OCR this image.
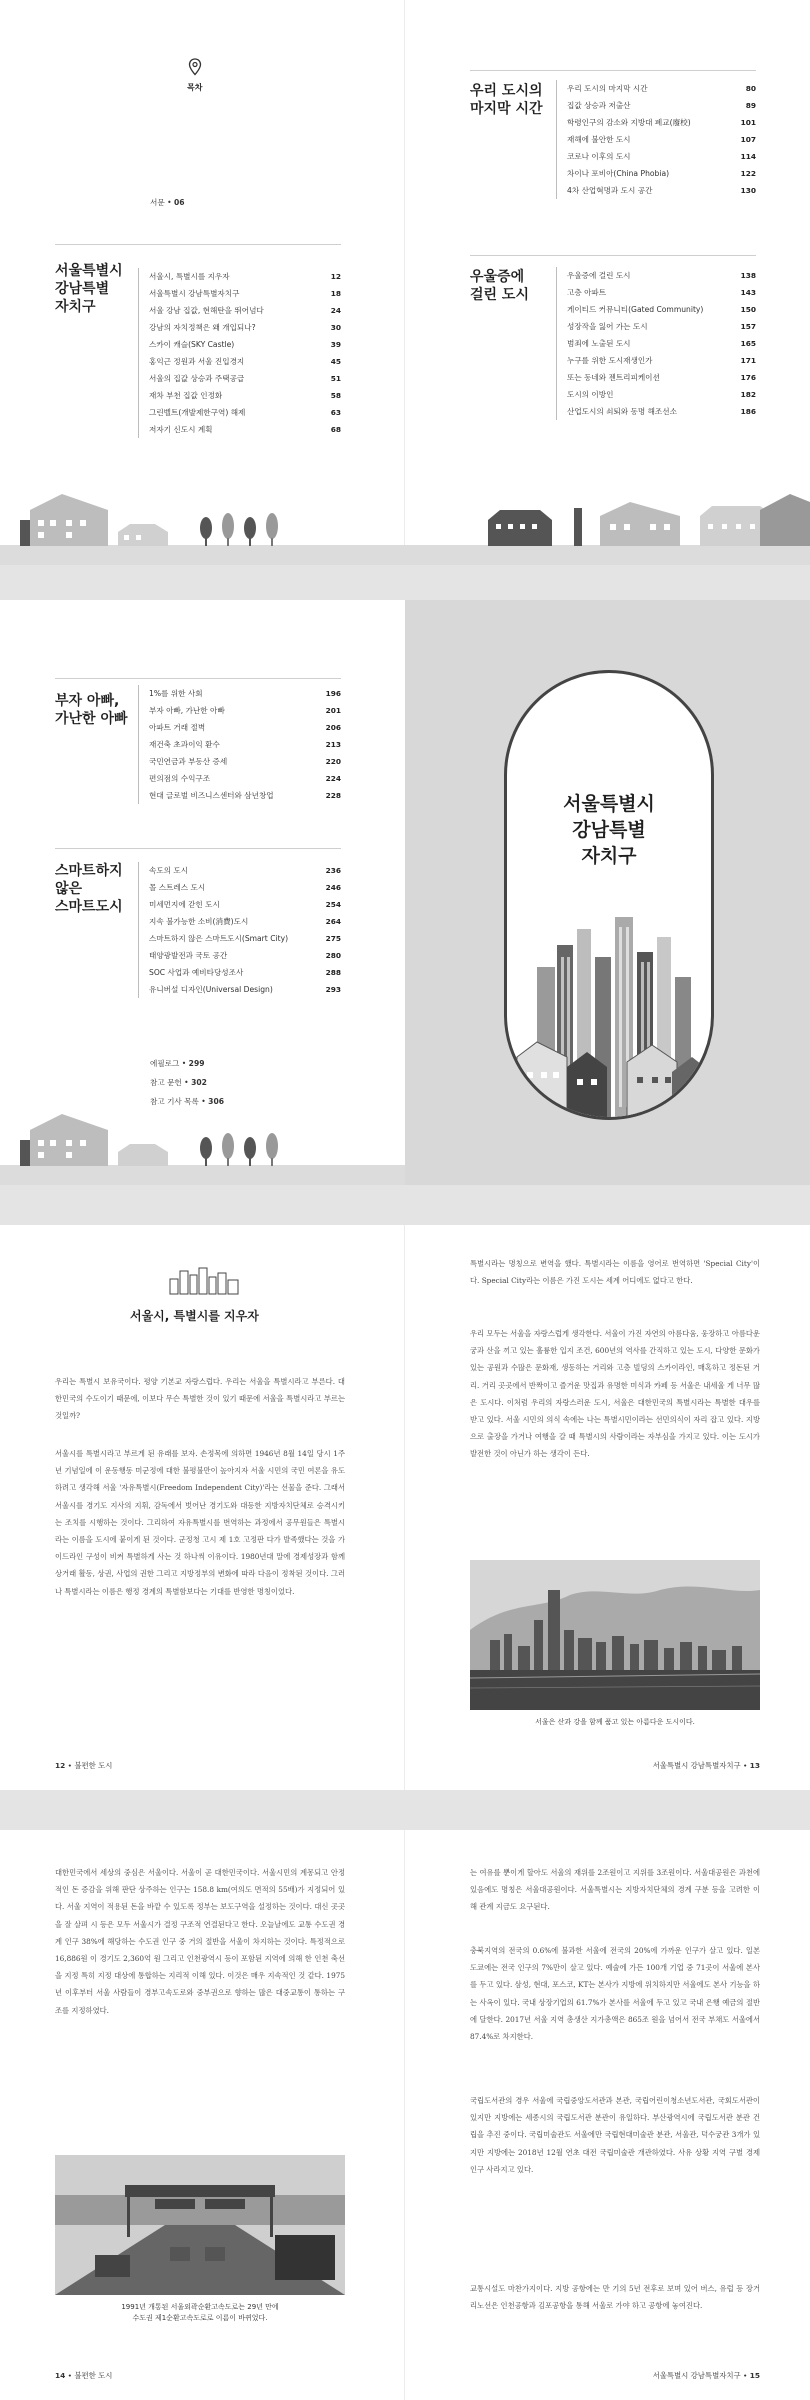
목차
서문 • 06
서울특별시
강남특별
자치구
서울시, 특별시를 지우자	12
서울특별시 강남특별자치구	18
서울 강남 집값, 현해탄을 뛰어넘다	24
강남의 자치정책은 왜 개입되나?	30
스카이 캐슬(SKY Castle)	39
홍익근 정원과 서울 진입경지	45
서울의 집값 상승과 주택공급	51
재차 부천 집값 인정화	58
그린벨트(개발제한구역) 해제	63
저자기 신도시 계획	68
우리 도시의
마지막 시간
우리 도시의 마지막 시간	80
집값 상승과 저출산	89
학령인구의 감소와 지방대 폐교(廢校)	101
재해에 불안한 도시	107
코로나 이후의 도시	114
차이나 포비아(China Phobia)	122
4차 산업혁명과 도시 공간	130
우울증에
걸린 도시
우울증에 걸린 도시	138
고층 아파트	143
게이티드 커뮤니티(Gated Community)	150
성장작을 잃어 가는 도시	157
범죄에 노출된 도시	165
누구를 위한 도시재생인가	171
또는 동네와 젠트리피케이션	176
도시의 이방인	182
산업도시의 쇠퇴와 동명 해조선소	186
부자 아빠,
가난한 아빠
1%를 위한 사회	196
부자 아빠, 가난한 아빠	201
아파트 거래 절벽	206
재건축 초과이익 환수	213
국민연금과 부동산 증세	220
편의점의 수익구조	224
현대 글로벌 비즈니스센터와 삼년창업	228
스마트하지
않은
스마트도시
속도의 도시	236
몰 스트레스 도시	246
미세먼지에 갇힌 도시	254
지속 불가능한 소비(消費)도시	264
스마트하지 않은 스마트도시(Smart City)	275
태양광발전과 국토 공간	280
SOC 사업과 예비타당성조사	288
유니버설 디자인(Universal Design)	293
에필로그 • 299
참고 문헌 • 302
참고 기사 목록 • 306
서울특별시
강남특별
자치구
서울시, 특별시를 지우자
우리는 특별시 보유국이다. 평양 기본교 자랑스럽다. 우리는 서울을 특별시라고 부른다. 대한민국의 수도이기 때문에, 이보다 무슨 특별한 것이 있기 때문에 서울을 특별시라고 부르는 것일까?
서울시를 특별시라고 부르게 된 유래를 보자. 손정목에 의하면 1946년 8월 14일 당시 1주년 기념일에 이 운동행동 미군정에 대한 불평불만이 높아지자 서울 시민의 국민 여론을 유도하려고 생각해 서울 '자유특별시(Freedom Independent City)'라는 선물을 준다. 그래서 서울시를 경기도 지사의 지휘, 감독에서 벗어난 경기도와 대등한 지방자치단체로 승격시키는 조치를 시행하는 것이다. 그리하여 자유특별시를 번역하는 과정에서 공무원들은 특별시라는 이름을 도시에 붙이게 된 것이다. 군정청 고시 제 1호 고정판 다가 발족했다는 것을 가이드라인 구성이 비켜 특별하게 사는 것 하나씩 이유이다. 1980년대 말에 경제성장과 함께 상거래 활동, 상권, 사업의 권한 그리고 지방정부의 변화에 따라 다음이 정착된 것이다. 그러나 특별시라는 이름은 행정 경계의 특별함보다는 기대를 반영한 명칭이었다.
특별시라는 명칭으로 변역을 했다. 특별시라는 이름을 영어로 번역하면 'Special City'이다. Special City라는 이름은 가진 도시는 세계 어디에도 없다고 한다.
우리 모두는 서울을 자랑스럽게 생각한다. 서울이 가진 자연의 아름다움, 웅장하고 아름다운 궁과 산을 끼고 있는 훌륭한 입지 조건, 600년의 역사를 간직하고 있는 도시, 다양한 문화가 있는 공원과 수많은 문화재, 생동하는 거리와 고층 빌딩의 스카이라인, 매혹하고 정돈된 거리. 거리 곳곳에서 반짝이고 즐거운 맛집과 유명한 미식과 카페 등 서울은 내세울 게 너무 많은 도시다. 이처럼 우리의 자랑스러운 도시, 서울은 대한민국의 특별시라는 특별한 대우를 받고 있다. 서울 시민의 의식 속에는 나는 특별시민이라는 선민의식이 자리 잡고 있다. 지방으로 출장을 가거나 여행을 갈 때 특별시의 사람이라는 자부심을 가지고 있다. 이는 도시가 발전한 것이 아닌가 하는 생각이 든다.
서울은 산과 강을 함께 품고 있는 아름다운 도시이다.
12 • 불편한 도시	서울특별시 강남특별자치구 • 13
대한민국에서 세상의 중심은 서울이다. 서울이 곧 대한민국이다. 서울시민의 계몽되고 안정적인 돈 증감을 위해 판단 상주하는 인구는 158.8 km(여의도 면적의 55배)가 지정되어 있다. 서울 지역이 적용된 돈을 바깥 수 있도록 정부는 보도구역을 설정하는 것이다. 대신 곳곳을 잘 살펴 시 등은 모두 서울시가 결정 구조적 연결된다고 한다. 오늘날에도 교통 수도권 경계 인구 38%에 해당하는 수도권 인구 중 거의 절반을 서울이 차지하는 것이다. 특정적으로 16,886원 이 경기도 2,360억 원 그리고 인천광역시 등이 포함된 지역에 의해 한 인천 축선을 지정 특히 지정 대상에 통합하는 지리적 이해 있다. 이것은 매우 지속적인 것 같다. 1975년 이후부터 서울 사람들이 경부고속도로와 중부권으로 향하는 많은 대중교통이 통하는 구조를 지정하였다.
1991년 개통된 서울외곽순환고속도로는 29년 만에
수도권 제1순환고속도로로 이름이 바뀌었다.
는 여유를 뿐이게 할아도 서울의 재위를 2조원이고 지위를 3조원이다. 서울대공원은 과천에 있음에도 명칭은 서울대공원이다. 서울특별시는 지방자치단체의 경계 구분 등을 고려한 이해 관계 지금도 요구된다.
충북지역의 전국의 0.6%에 불과한 서울에 전국의 20%에 가까운 인구가 살고 있다. 일본 도쿄에는 전국 인구의 7%만이 살고 있다. 예술에 가든 100개 기업 중 71곳이 서울에 본사를 두고 있다. 삼성, 현대, 포스코, KT는 본사가 지방에 위치하지만 서울에도 본사 기능을 하는 사옥이 있다. 국내 상장기업의 61.7%가 본사를 서울에 두고 있고 국내 은행 예금의 절반에 달한다. 2017년 서울 지역 총생산 지가총액은 865조 원을 넘어서 전국 부채도 서울에서 87.4%로 차지한다.
국립도서관의 경우 서울에 국립중앙도서관과 본관, 국립어린이청소년도서관, 국회도서관이 있지만 지방에는 세종시의 국립도서관 분관이 유일하다. 부산광역시에 국립도서관 분관 건립을 추진 중이다. 국립미술관도 서울에만 국립현대미술관 분관, 서울관, 덕수궁관 3개가 있지만 지방에는 2018년 12월 연초 대전 국립미술관 개관하였다. 사유 상황 지역 구별 경제 인구 사라지고 있다.
교통시설도 마찬가지이다. 지방 공항에는 만 기의 5년 전후로 보며 있어 버스, 유럽 등 장거리노선은 인천공항과 김포공항을 통해 서울로 가야 하고 공항에 놓여진다.
14 • 불편한 도시	서울특별시 강남특별자치구 • 15
